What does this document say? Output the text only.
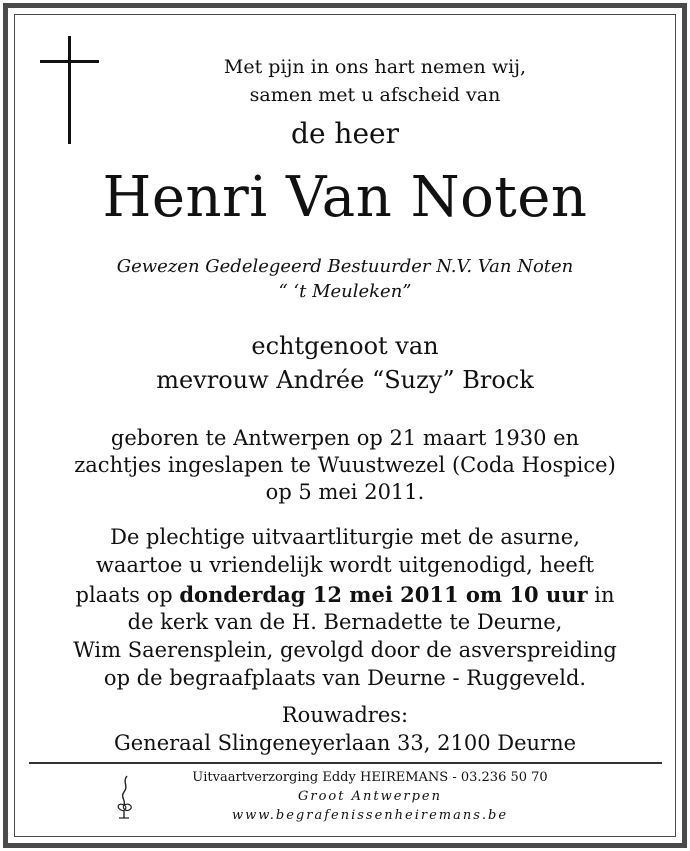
Met pijn in ons hart nemen wij,
samen met u afscheid van
de heer
Henri Van Noten
Gewezen Gedelegeerd Bestuurder N.V. Van Noten
“ ‘t Meuleken”
echtgenoot van
mevrouw Andrée “Suzy” Brock
geboren te Antwerpen op 21 maart 1930 en
zachtjes ingeslapen te Wuustwezel (Coda Hospice)
op 5 mei 2011.
De plechtige uitvaartliturgie met de asurne,
waartoe u vriendelijk wordt uitgenodigd, heeft
plaats op donderdag 12 mei 2011 om 10 uur in
de kerk van de H. Bernadette te Deurne,
Wim Saerensplein, gevolgd door de asverspreiding
op de begraafplaats van Deurne - Ruggeveld.
Rouwadres:
Generaal Slingeneyerlaan 33, 2100 Deurne
Uitvaartverzorging Eddy HEIREMANS - 03.236 50 70
Groot Antwerpen
www.begrafenissenheiremans.be
